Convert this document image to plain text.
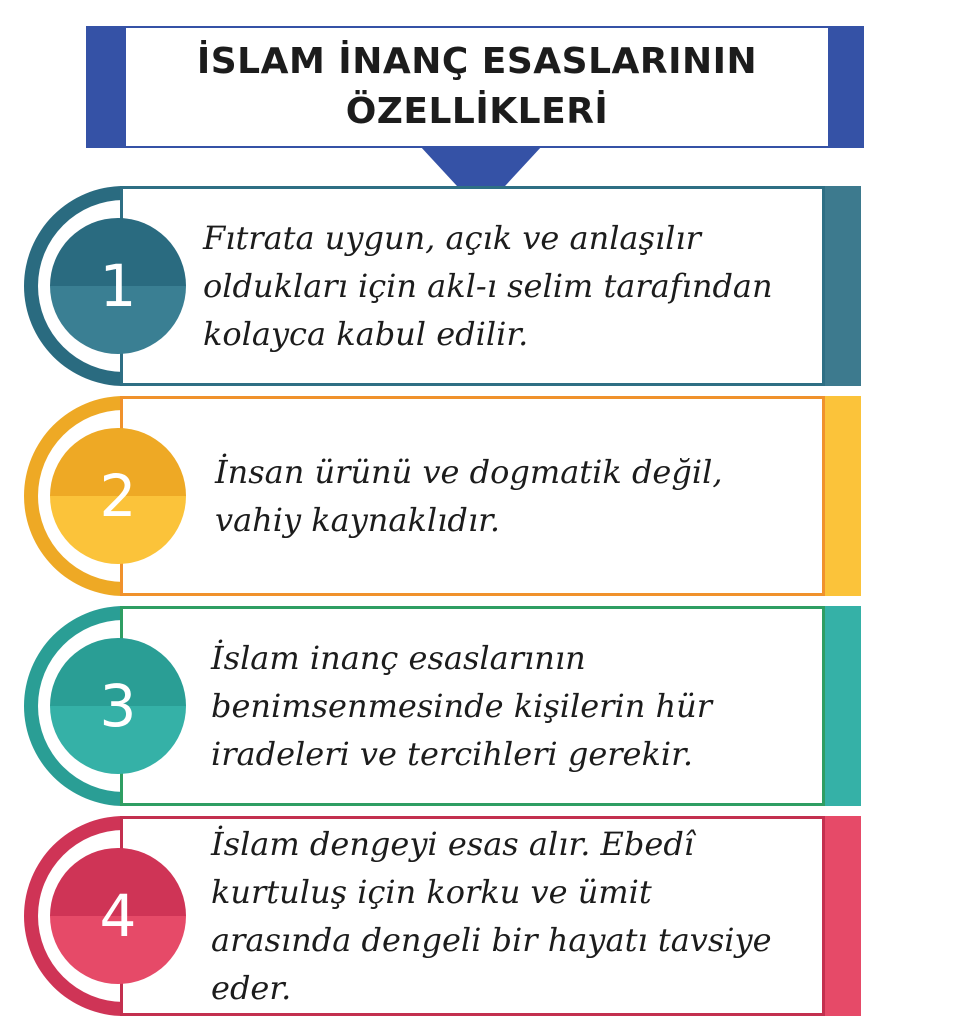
İSLAM İNANÇ ESASLARININ
ÖZELLİKLERİ
Fıtrata uygun, açık ve anlaşılır oldukları için akl-ı selim tarafından kolayca kabul edilir.
1
İnsan ürünü ve dogmatik değil, vahiy kaynaklıdır.
2
İslam inanç esaslarının benimsenmesinde kişilerin hür iradeleri ve tercihleri gerekir.
3
İslam dengeyi esas alır. Ebedî kurtuluş için korku ve ümit arasında dengeli bir hayatı tavsiye eder.
4
